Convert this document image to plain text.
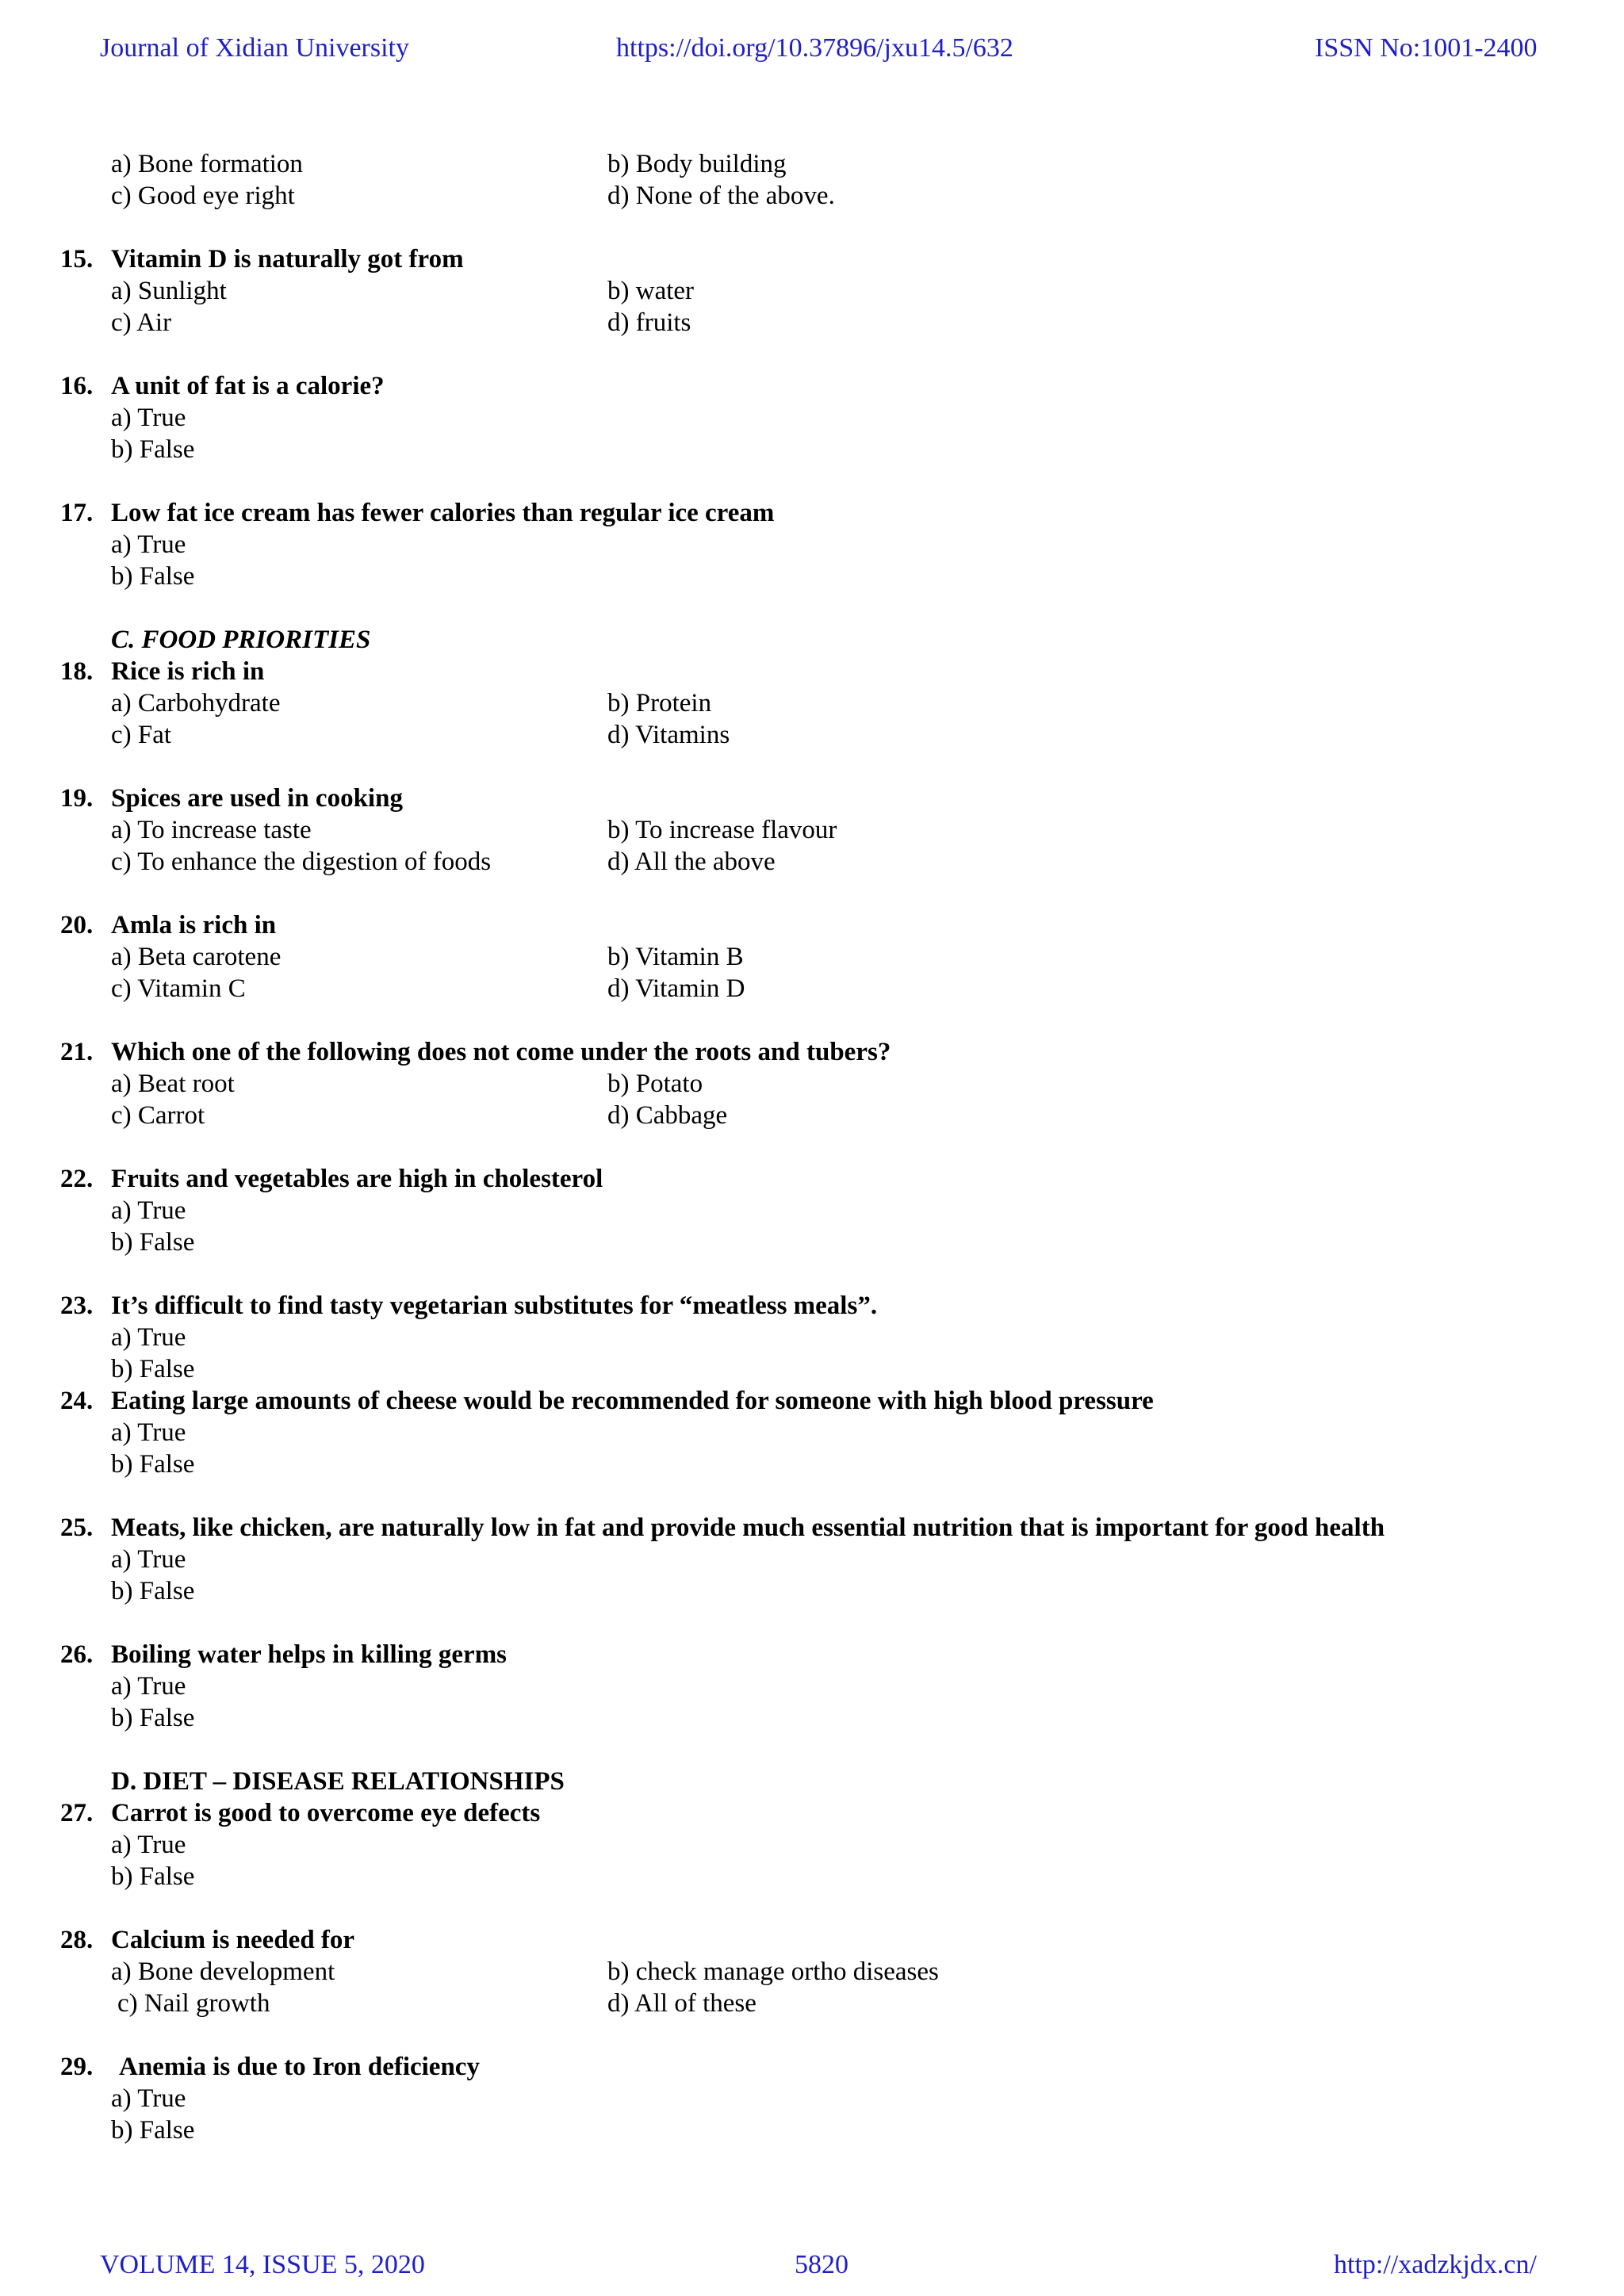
Journal of Xidian University	https://doi.org/10.37896/jxu14.5/632	ISSN No:1001-2400
a) Bone formation	b) Body building
c) Good eye right	d) None of the above.
15. Vitamin D is naturally got from
a) Sunlight	b) water
c) Air	d) fruits
16. A unit of fat is a calorie?
a) True
b) False
17. Low fat ice cream has fewer calories than regular ice cream
a) True
b) False
C. FOOD PRIORITIES
18. Rice is rich in
a) Carbohydrate	b) Protein
c) Fat	d) Vitamins
19. Spices are used in cooking
a) To increase taste	b) To increase flavour
c) To enhance the digestion of foods	d) All the above
20. Amla is rich in
a) Beta carotene	b) Vitamin B
c) Vitamin C	d) Vitamin D
21. Which one of the following does not come under the roots and tubers?
a) Beat root	b) Potato
c) Carrot	d) Cabbage
22. Fruits and vegetables are high in cholesterol
a) True
b) False
23. It’s difficult to find tasty vegetarian substitutes for “meatless meals”.
a) True
b) False
24. Eating large amounts of cheese would be recommended for someone with high blood pressure
a) True
b) False
25. Meats, like chicken, are naturally low in fat and provide much essential nutrition that is important for good health
a) True
b) False
26. Boiling water helps in killing germs
a) True
b) False
D. DIET – DISEASE RELATIONSHIPS
27. Carrot is good to overcome eye defects
a) True
b) False
28. Calcium is needed for
a) Bone development	b) check manage ortho diseases
c) Nail growth	d) All of these
29. Anemia is due to Iron deficiency
a) True
b) False
VOLUME 14, ISSUE 5, 2020	5820	http://xadzkjdx.cn/
